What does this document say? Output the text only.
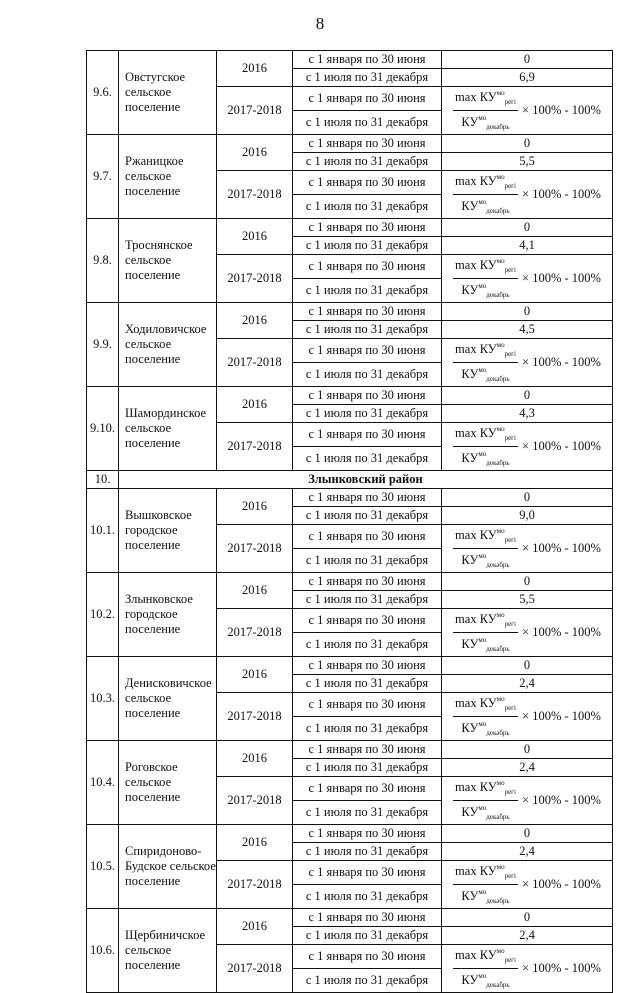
8
9.6.	Овстугское сельское поселение	2016	с 1 января по 30 июня	0
			с 1 июля по 31 декабря	6,9
		2017-2018	с 1 января по 30 июня	$\frac{\max КУ^{мо}_{регi}}{КУ^{мо}_{декабрь}} \times 100\% - 100\%$
			с 1 июля по 31 декабря	
9.7.	Ржаницкое сельское поселение	2016	с 1 января по 30 июня	0
			с 1 июля по 31 декабря	5,5
		2017-2018	с 1 января по 30 июня	$\frac{\max КУ^{мо}_{регi}}{КУ^{мо}_{декабрь}} \times 100\% - 100\%$
			с 1 июля по 31 декабря	
9.8.	Троснянское сельское поселение	2016	с 1 января по 30 июня	0
			с 1 июля по 31 декабря	4,1
		2017-2018	с 1 января по 30 июня	$\frac{\max КУ^{мо}_{регi}}{КУ^{мо}_{декабрь}} \times 100\% - 100\%$
			с 1 июля по 31 декабря	
9.9.	Ходиловичское сельское поселение	2016	с 1 января по 30 июня	0
			с 1 июля по 31 декабря	4,5
		2017-2018	с 1 января по 30 июня	$\frac{\max КУ^{мо}_{регi}}{КУ^{мо}_{декабрь}} \times 100\% - 100\%$
			с 1 июля по 31 декабря	
9.10.	Шамординское сельское поселение	2016	с 1 января по 30 июня	0
			с 1 июля по 31 декабря	4,3
		2017-2018	с 1 января по 30 июня	$\frac{\max КУ^{мо}_{регi}}{КУ^{мо}_{декабрь}} \times 100\% - 100\%$
			с 1 июля по 31 декабря	
10.	Злынковский район			
10.1.	Вышковское городское поселение	2016	с 1 января по 30 июня	0
			с 1 июля по 31 декабря	9,0
		2017-2018	с 1 января по 30 июня	$\frac{\max КУ^{мо}_{регi}}{КУ^{мо}_{декабрь}} \times 100\% - 100\%$
			с 1 июля по 31 декабря	
10.2.	Злынковское городское поселение	2016	с 1 января по 30 июня	0
			с 1 июля по 31 декабря	5,5
		2017-2018	с 1 января по 30 июня	$\frac{\max КУ^{мо}_{регi}}{КУ^{мо}_{декабрь}} \times 100\% - 100\%$
			с 1 июля по 31 декабря	
10.3.	Денисковичское сельское поселение	2016	с 1 января по 30 июня	0
			с 1 июля по 31 декабря	2,4
		2017-2018	с 1 января по 30 июня	$\frac{\max КУ^{мо}_{регi}}{КУ^{мо}_{декабрь}} \times 100\% - 100\%$
			с 1 июля по 31 декабря	
10.4.	Роговское сельское поселение	2016	с 1 января по 30 июня	0
			с 1 июля по 31 декабря	2,4
		2017-2018	с 1 января по 30 июня	$\frac{\max КУ^{мо}_{регi}}{КУ^{мо}_{декабрь}} \times 100\% - 100\%$
			с 1 июля по 31 декабря	
10.5.	Спиридоново-Будское сельское поселение	2016	с 1 января по 30 июня	0
			с 1 июля по 31 декабря	2,4
		2017-2018	с 1 января по 30 июня	$\frac{\max КУ^{мо}_{регi}}{КУ^{мо}_{декабрь}} \times 100\% - 100\%$
			с 1 июля по 31 декабря	
10.6.	Щербиничское сельское поселение	2016	с 1 января по 30 июня	0
			с 1 июля по 31 декабря	2,4
		2017-2018	с 1 января по 30 июня	$\frac{\max КУ^{мо}_{регi}}{КУ^{мо}_{декабрь}} \times 100\% - 100\%$
			с 1 июля по 31 декабря	
